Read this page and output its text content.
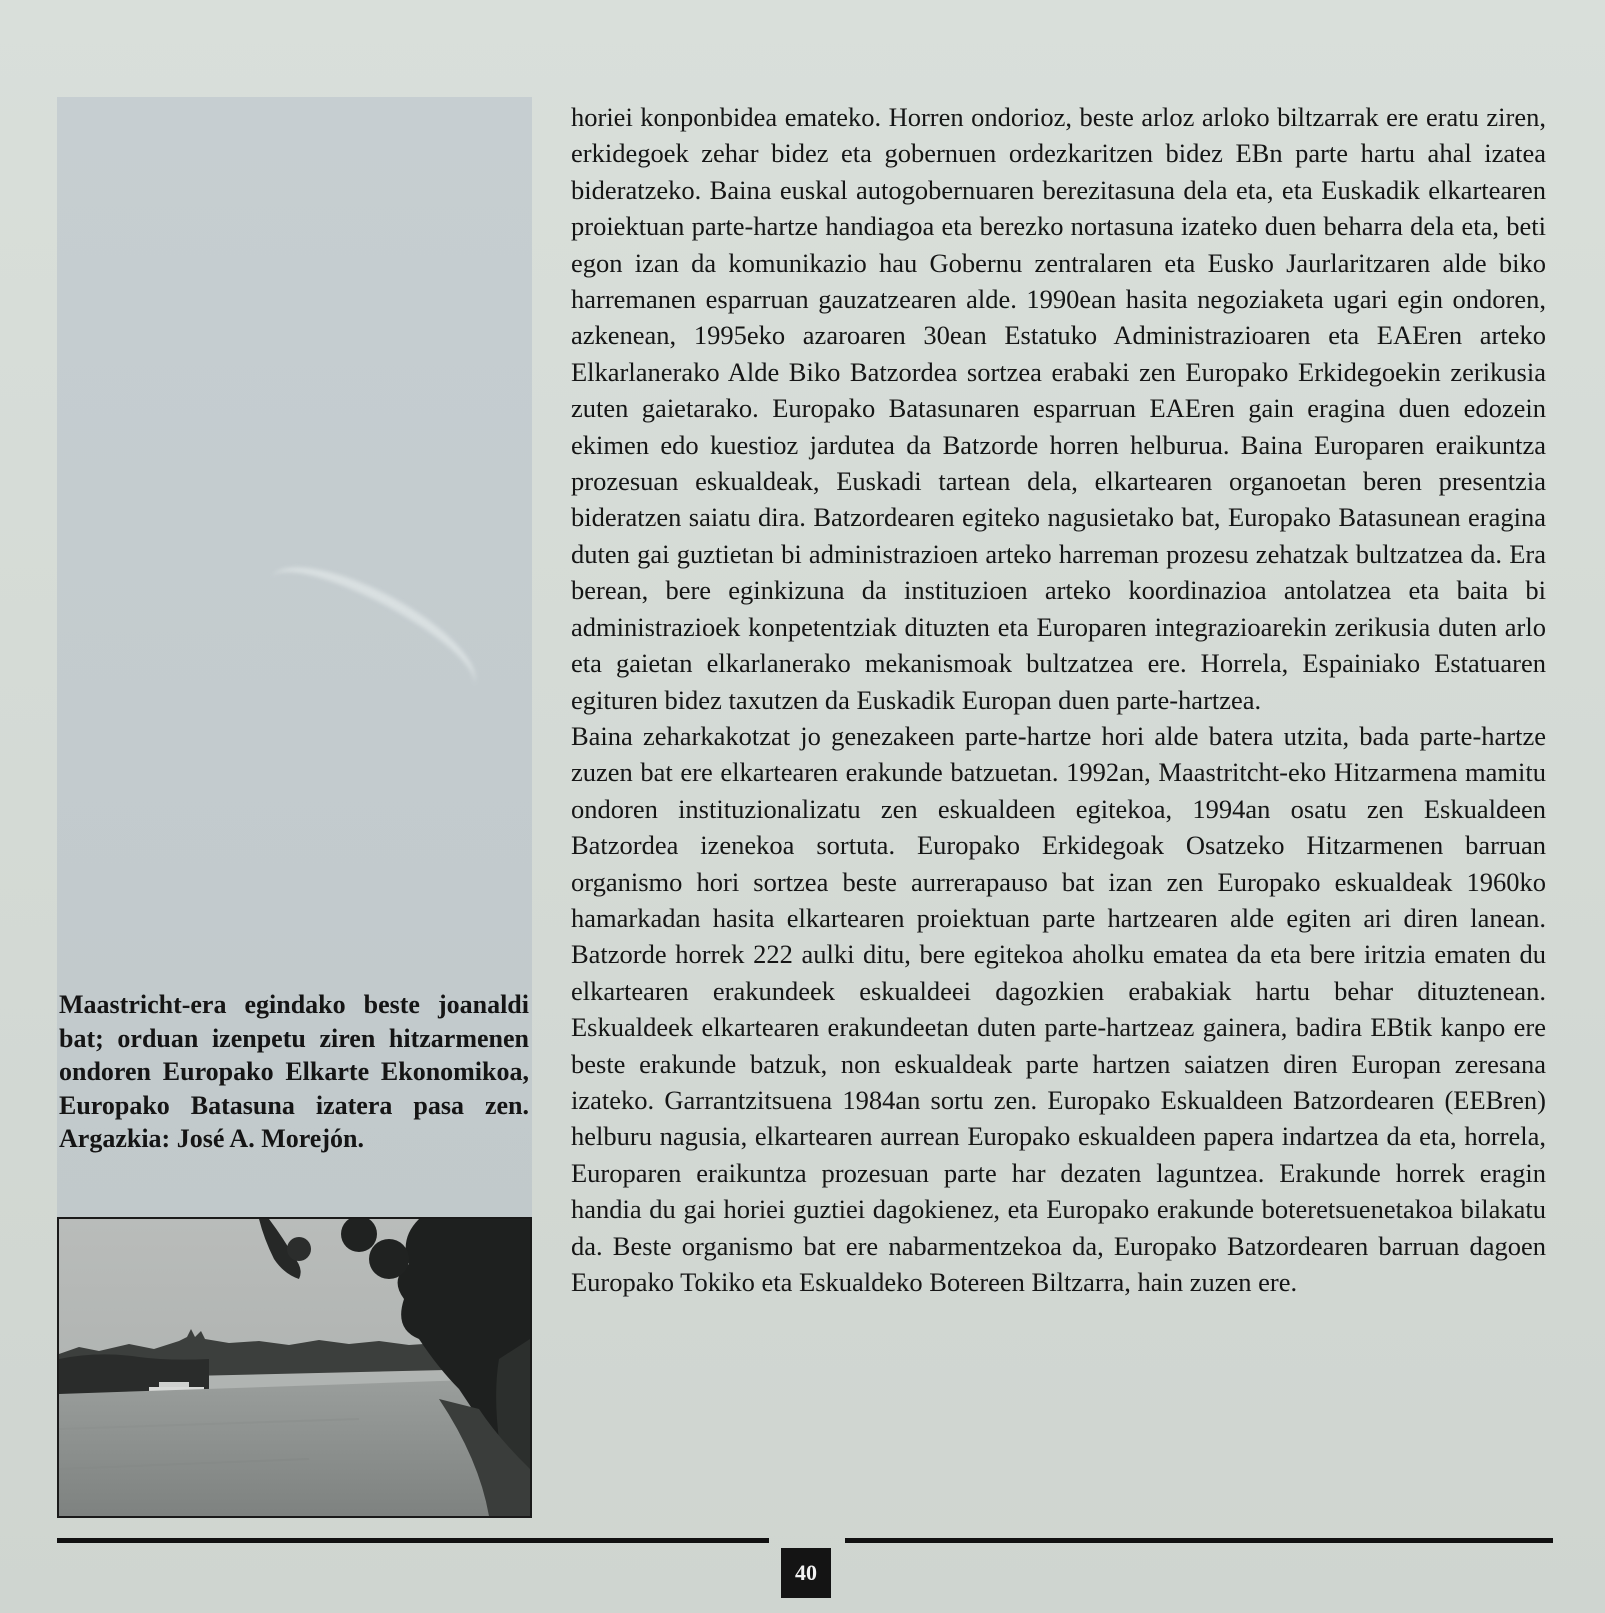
Maastricht-era egindako beste joanaldi bat; orduan izenpetu ziren hitzarmenen ondoren Europako Elkarte Ekonomikoa, Europako Batasuna izatera pasa zen. Argazkia: José A. Morejón.

horiei konponbidea emateko. Horren ondorioz, beste arloz arloko biltzarrak ere eratu ziren, erkidegoek zehar bidez eta gobernuen ordezkaritzen bidez EBn parte hartu ahal izatea bideratzeko. Baina euskal autogobernuaren berezitasuna dela eta, eta Euskadik elkartearen proiektuan parte-hartze handiagoa eta berezko nortasuna izateko duen beharra dela eta, beti egon izan da komunikazio hau Gobernu zentralaren eta Eusko Jaurlaritzaren alde biko harremanen esparruan gauzatzearen alde. 1990ean hasita negoziaketa ugari egin ondoren, azkenean, 1995eko azaroaren 30ean Estatuko Administrazioaren eta EAEren arteko Elkarlanerako Alde Biko Batzordea sortzea erabaki zen Europako Erkidegoekin zerikusia zuten gaietarako. Europako Batasunaren esparruan EAEren gain eragina duen edozein ekimen edo kuestioz jardutea da Batzorde horren helburua. Baina Europaren eraikuntza prozesuan eskualdeak, Euskadi tartean dela, elkartearen organoetan beren presentzia bideratzen saiatu dira. Batzordearen egiteko nagusietako bat, Europako Batasunean eragina duten gai guztietan bi administrazioen arteko harreman prozesu zehatzak bultzatzea da. Era berean, bere eginkizuna da instituzioen arteko koordinazioa antolatzea eta baita bi administrazioek konpetentziak dituzten eta Europaren integrazioarekin zerikusia duten arlo eta gaietan elkarlanerako mekanismoak bultzatzea ere. Horrela, Espainiako Estatuaren egituren bidez taxutzen da Euskadik Europan duen parte-hartzea.

Baina zeharkakotzat jo genezakeen parte-hartze hori alde batera utzita, bada parte-hartze zuzen bat ere elkartearen erakunde batzuetan. 1992an, Maastritcht-eko Hitzarmena mamitu ondoren instituzionalizatu zen eskualdeen egitekoa, 1994an osatu zen Eskualdeen Batzordea izenekoa sortuta. Europako Erkidegoak Osatzeko Hitzarmenen barruan organismo hori sortzea beste aurrerapauso bat izan zen Europako eskualdeak 1960ko hamarkadan hasita elkartearen proiektuan parte hartzearen alde egiten ari diren lanean. Batzorde horrek 222 aulki ditu, bere egitekoa aholku ematea da eta bere iritzia ematen du elkartearen erakundeek eskualdeei dagozkien erabakiak hartu behar dituztenean. Eskualdeek elkartearen erakundeetan duten parte-hartzeaz gainera, badira EBtik kanpo ere beste erakunde batzuk, non eskualdeak parte hartzen saiatzen diren Europan zeresana izateko. Garrantzitsuena 1984an sortu zen. Europako Eskualdeen Batzordearen (EEBren) helburu nagusia, elkartearen aurrean Europako eskualdeen papera indartzea da eta, horrela, Europaren eraikuntza prozesuan parte har dezaten laguntzea. Erakunde horrek eragin handia du gai horiei guztiei dagokienez, eta Europako erakunde boteretsuenetakoa bilakatu da. Beste organismo bat ere nabarmentzekoa da, Europako Batzordearen barruan dagoen Europako Tokiko eta Eskualdeko Botereen Biltzarra, hain zuzen ere.

40
